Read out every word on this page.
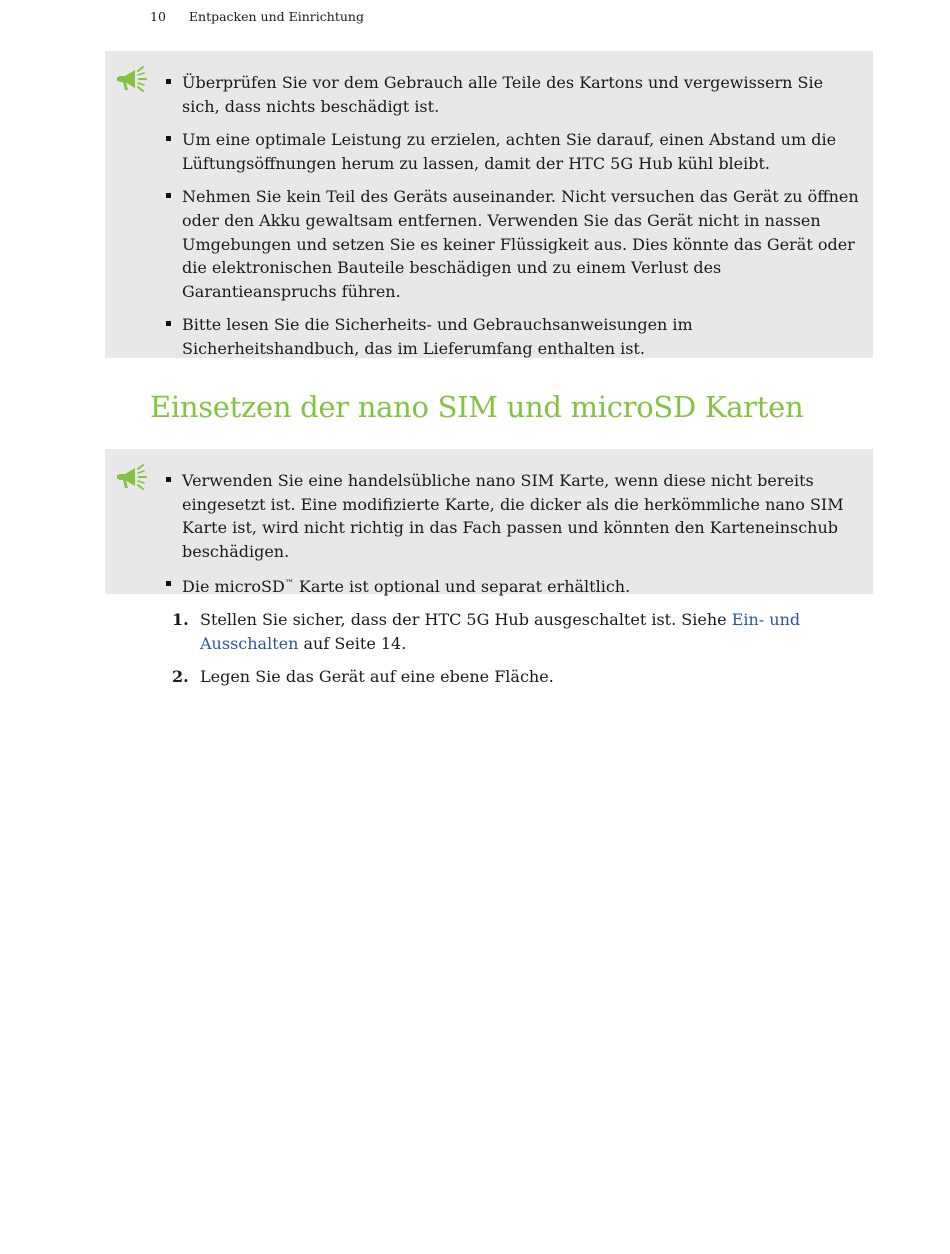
10 Entpacken und Einrichtung
Überprüfen Sie vor dem Gebrauch alle Teile des Kartons und vergewissern Sie sich, dass nichts beschädigt ist.
Um eine optimale Leistung zu erzielen, achten Sie darauf, einen Abstand um die Lüftungsöffnungen herum zu lassen, damit der HTC 5G Hub kühl bleibt.
Nehmen Sie kein Teil des Geräts auseinander. Nicht versuchen das Gerät zu öffnen oder den Akku gewaltsam entfernen. Verwenden Sie das Gerät nicht in nassen Umgebungen und setzen Sie es keiner Flüssigkeit aus. Dies könnte das Gerät oder die elektronischen Bauteile beschädigen und zu einem Verlust des Garantieanspruchs führen.
Bitte lesen Sie die Sicherheits- und Gebrauchsanweisungen im Sicherheitshandbuch, das im Lieferumfang enthalten ist.
Einsetzen der nano SIM und microSD Karten
Verwenden Sie eine handelsübliche nano SIM Karte, wenn diese nicht bereits eingesetzt ist. Eine modifizierte Karte, die dicker als die herkömmliche nano SIM Karte ist, wird nicht richtig in das Fach passen und könnten den Karteneinschub beschädigen.
Die microSD™ Karte ist optional und separat erhältlich.
1. Stellen Sie sicher, dass der HTC 5G Hub ausgeschaltet ist. Siehe Ein- und Ausschalten auf Seite 14.
2. Legen Sie das Gerät auf eine ebene Fläche.
